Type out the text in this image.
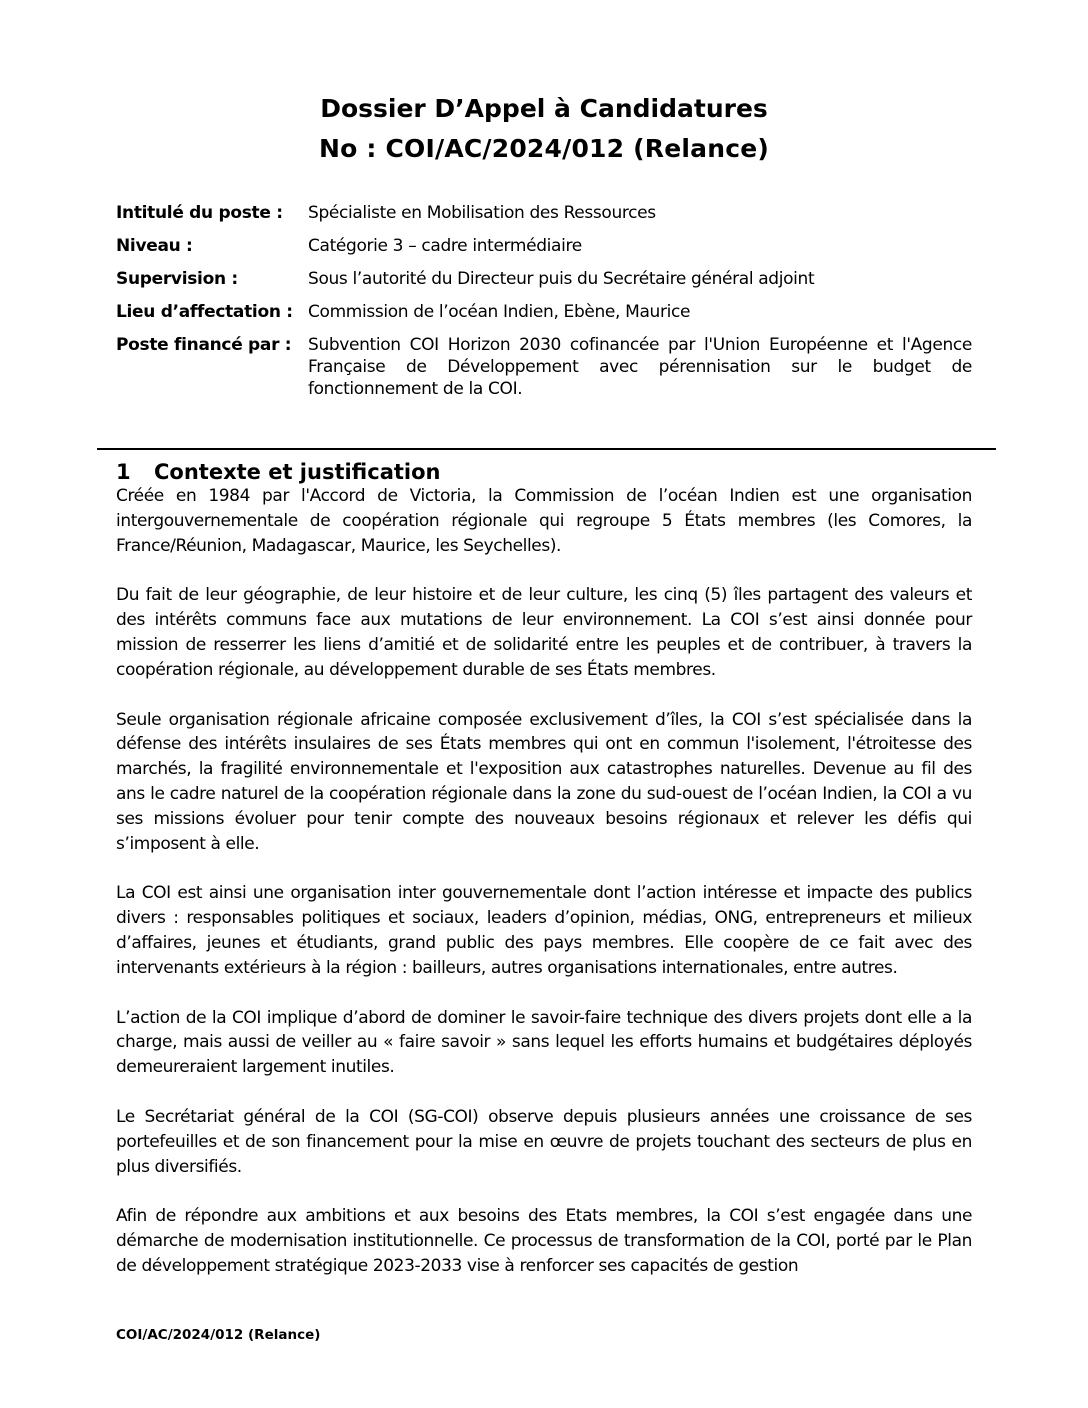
Dossier D’Appel à Candidatures
No : COI/AC/2024/012 (Relance)
Intitulé du poste :	Spécialiste en Mobilisation des Ressources
Niveau :	Catégorie 3 – cadre intermédiaire
Supervision :	Sous l’autorité du Directeur puis du Secrétaire général adjoint
Lieu d’affectation : Commission de l’océan Indien, Ebène, Maurice
Poste financé par : Subvention COI Horizon 2030 cofinancée par l'Union Européenne et l'Agence Française de Développement avec pérennisation sur le budget de fonctionnement de la COI.
1 Contexte et justification

Créée en 1984 par l'Accord de Victoria, la Commission de l’océan Indien est une organisation intergouvernementale de coopération régionale qui regroupe 5 États membres (les Comores, la France/Réunion, Madagascar, Maurice, les Seychelles).

Du fait de leur géographie, de leur histoire et de leur culture, les cinq (5) îles partagent des valeurs et des intérêts communs face aux mutations de leur environnement. La COI s’est ainsi donnée pour mission de resserrer les liens d’amitié et de solidarité entre les peuples et de contribuer, à travers la coopération régionale, au développement durable de ses États membres.

Seule organisation régionale africaine composée exclusivement d’îles, la COI s’est spécialisée dans la défense des intérêts insulaires de ses États membres qui ont en commun l'isolement, l'étroitesse des marchés, la fragilité environnementale et l'exposition aux catastrophes naturelles. Devenue au fil des ans le cadre naturel de la coopération régionale dans la zone du sud-ouest de l’océan Indien, la COI a vu ses missions évoluer pour tenir compte des nouveaux besoins régionaux et relever les défis qui s’imposent à elle.

La COI est ainsi une organisation inter gouvernementale dont l’action intéresse et impacte des publics divers : responsables politiques et sociaux, leaders d’opinion, médias, ONG, entrepreneurs et milieux d’affaires, jeunes et étudiants, grand public des pays membres. Elle coopère de ce fait avec des intervenants extérieurs à la région : bailleurs, autres organisations internationales, entre autres.

L’action de la COI implique d’abord de dominer le savoir-faire technique des divers projets dont elle a la charge, mais aussi de veiller au « faire savoir » sans lequel les efforts humains et budgétaires déployés demeureraient largement inutiles.

Le Secrétariat général de la COI (SG-COI) observe depuis plusieurs années une croissance de ses portefeuilles et de son financement pour la mise en œuvre de projets touchant des secteurs de plus en plus diversifiés.

Afin de répondre aux ambitions et aux besoins des Etats membres, la COI s’est engagée dans une démarche de modernisation institutionnelle. Ce processus de transformation de la COI, porté par le Plan de développement stratégique 2023-2033 vise à renforcer ses capacités de gestion

COI/AC/2024/012 (Relance)
